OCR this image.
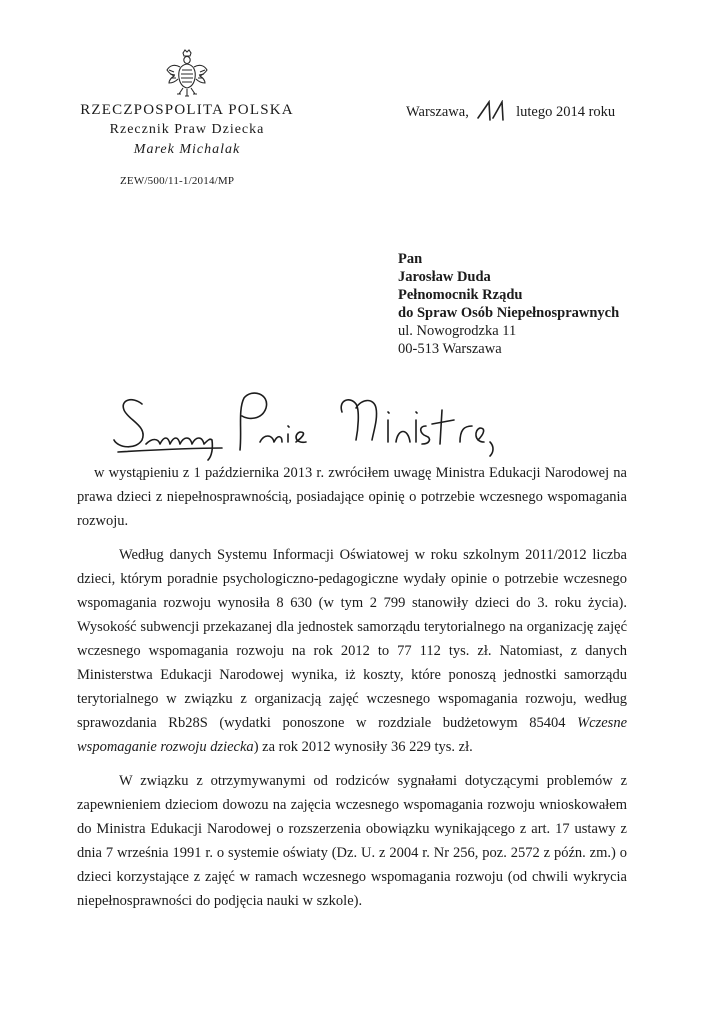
RZECZPOSPOLITA POLSKA
Rzecznik Praw Dziecka
Marek Michalak
ZEW/500/11-1/2014/MP
Warszawa,	lutego 2014 roku
Pan
Jarosław Duda
Pełnomocnik Rządu
do Spraw Osób Niepełnosprawnych
ul. Nowogrodzka 11
00-513 Warszawa

w wystąpieniu z 1 października 2013 r. zwróciłem uwagę Ministra Edukacji Narodowej na prawa dzieci z niepełnosprawnością, posiadające opinię o potrzebie wczesnego wspomagania rozwoju.

Według danych Systemu Informacji Oświatowej w roku szkolnym 2011/2012 liczba dzieci, którym poradnie psychologiczno-pedagogiczne wydały opinie o potrzebie wczesnego wspomagania rozwoju wynosiła 8 630 (w tym 2 799 stanowiły dzieci do 3. roku życia). Wysokość subwencji przekazanej dla jednostek samorządu terytorialnego na organizację zajęć wczesnego wspomagania rozwoju na rok 2012 to 77 112 tys. zł. Natomiast, z danych Ministerstwa Edukacji Narodowej wynika, iż koszty, które ponoszą jednostki samorządu terytorialnego w związku z organizacją zajęć wczesnego wspomagania rozwoju, według sprawozdania Rb28S (wydatki ponoszone w rozdziale budżetowym 85404 Wczesne wspomaganie rozwoju dziecka) za rok 2012 wynosiły 36 229 tys. zł.

W związku z otrzymywanymi od rodziców sygnałami dotyczącymi problemów z zapewnieniem dzieciom dowozu na zajęcia wczesnego wspomagania rozwoju wnioskowałem do Ministra Edukacji Narodowej o rozszerzenia obowiązku wynikającego z art. 17 ustawy z dnia 7 września 1991 r. o systemie oświaty (Dz. U. z 2004 r. Nr 256, poz. 2572 z późn. zm.) o dzieci korzystające z zajęć w ramach wczesnego wspomagania rozwoju (od chwili wykrycia niepełnosprawności do podjęcia nauki w szkole).
